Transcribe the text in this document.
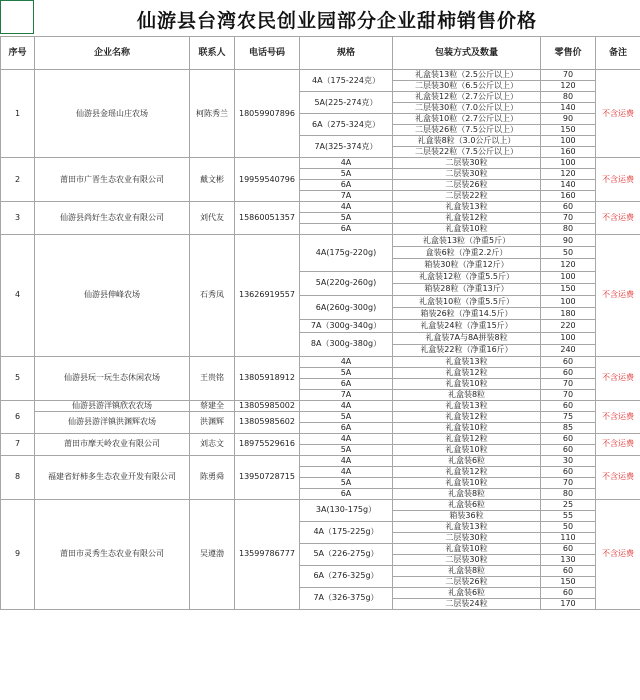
仙游县台湾农民创业园部分企业甜柿销售价格
序号	企业名称	联系人	电话号码	规格	包装方式及数量	零售价	备注
1	仙游县金瑶山庄农场	柯陈秀兰	18059907896	4A（175-224克）	礼盒装13粒（2.5公斤以上）	70	不含运费
					二层装30粒（6.5公斤以上）	120	
				5A(225-274克）	礼盒装12粒（2.7公斤以上）	80	
					二层装30粒（7.0公斤以上）	140	
				6A（275-324克）	礼盒装10粒（2.7公斤以上）	90	
					二层装26粒（7.5公斤以上）	150	
				7A(325-374克）	礼盒装8粒（3.0公斤以上）	100	
					二层装22粒（7.5公斤以上）	160	
2	莆田市广晋生态农业有限公司	戴文彬	19959540796	4A	二层装30粒	100	不含运费
				5A	二层装30粒	120	
				6A	二层装26粒	140	
				7A	二层装22粒	160	
3	仙游县尚好生态农业有限公司	刘代友	15860051357	4A	礼盒装13粒	60	不含运费
				5A	礼盒装12粒	70	
				6A	礼盒装10粒	80	
4	仙游县伸峰农场	石秀凤	13626919557	4A(175g-220g)	礼盒装13粒（净重5斤）	90	不含运费
					盒装6粒（净重2.2斤）	50	
					箱装30粒（净重12斤）	120	
				5A(220g-260g)	礼盒装12粒（净重5.5斤）	100	
					箱装28粒（净重13斤）	150	
				6A(260g-300g)	礼盒装10粒（净重5.5斤）	100	
					箱装26粒（净重14.5斤）	180	
				7A（300g-340g）	礼盒装24粒（净重15斤）	220	
				8A（300g-380g）	礼盒装7A与8A拼装8粒	100	
					礼盒装22粒（净重16斤）	240	
5	仙游县玩一玩生态休闲农场	王贵铭	13805918912	4A	礼盒装13粒	60	不含运费
				5A	礼盒装12粒	60	
				6A	礼盒装10粒	70	
				7A	礼盒装8粒	70	
6	仙游县游洋镇欣农农场	蔡建全	13805985002	4A	礼盒装13粒	60	不含运费
	仙游县游洋镇洪渊辉农场	洪渊辉	13805985602	5A	礼盒装12粒	75	
				6A	礼盒装10粒	85	
7	莆田市摩天岭农业有限公司	刘志文	18975529616	4A	礼盒装12粒	60	不含运费
				5A	礼盒装10粒	60	
8	福建省好柿多生态农业开发有限公司	陈勇舜	13950728715	4A	礼盒装6粒	30	不含运费
				4A	礼盒装12粒	60	
				5A	礼盒装10粒	70	
				6A	礼盒装8粒	80	
9	莆田市灵秀生态农业有限公司	吴遵渤	13599786777	3A(130-175g）	礼盒装6粒	25	不含运费
					箱装36粒	55	
				4A（175-225g）	礼盒装13粒	50	
					二层装30粒	110	
				5A（226-275g）	礼盒装10粒	60	
					二层装30粒	130	
				6A（276-325g）	礼盒装8粒	60	
					二层装26粒	150	
				7A（326-375g）	礼盒装6粒	60	
					二层装24粒	170	
